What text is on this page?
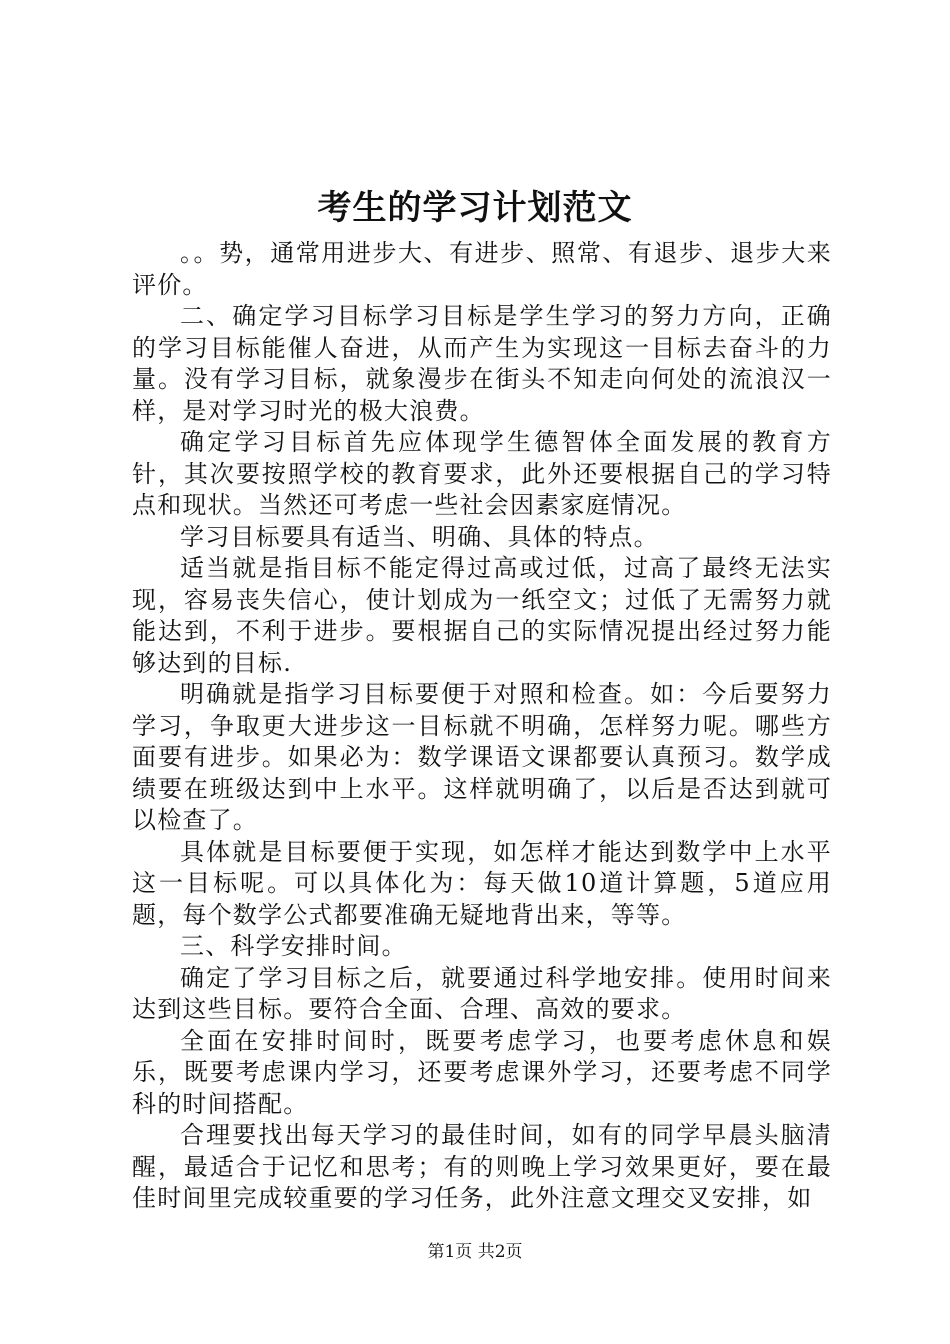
考生的学习计划范文

。。势，通常用进步大、有进步、照常、有退步、退步大来评价。

二、确定学习目标学习目标是学生学习的努力方向，正确的学习目标能催人奋进，从而产生为实现这一目标去奋斗的力量。没有学习目标，就象漫步在街头不知走向何处的流浪汉一样，是对学习时光的极大浪费。

确定学习目标首先应体现学生德智体全面发展的教育方针，其次要按照学校的教育要求，此外还要根据自己的学习特点和现状。当然还可考虑一些社会因素家庭情况。

学习目标要具有适当、明确、具体的特点。

适当就是指目标不能定得过高或过低，过高了最终无法实现，容易丧失信心，使计划成为一纸空文；过低了无需努力就能达到，不利于进步。要根据自己的实际情况提出经过努力能够达到的目标.

明确就是指学习目标要便于对照和检查。如：今后要努力学习，争取更大进步这一目标就不明确，怎样努力呢。哪些方面要有进步。如果必为：数学课语文课都要认真预习。数学成绩要在班级达到中上水平。这样就明确了，以后是否达到就可以检查了。

具体就是目标要便于实现，如怎样才能达到数学中上水平这一目标呢。可以具体化为：每天做10道计算题，5道应用题，每个数学公式都要准确无疑地背出来，等等。

三、科学安排时间。

确定了学习目标之后，就要通过科学地安排。使用时间来达到这些目标。要符合全面、合理、高效的要求。

全面在安排时间时，既要考虑学习，也要考虑休息和娱乐，既要考虑课内学习，还要考虑课外学习，还要考虑不同学科的时间搭配。

合理要找出每天学习的最佳时间，如有的同学早晨头脑清醒，最适合于记忆和思考；有的则晚上学习效果更好，要在最佳时间里完成较重要的学习任务，此外注意文理交叉安排，如

第1页 共2页
